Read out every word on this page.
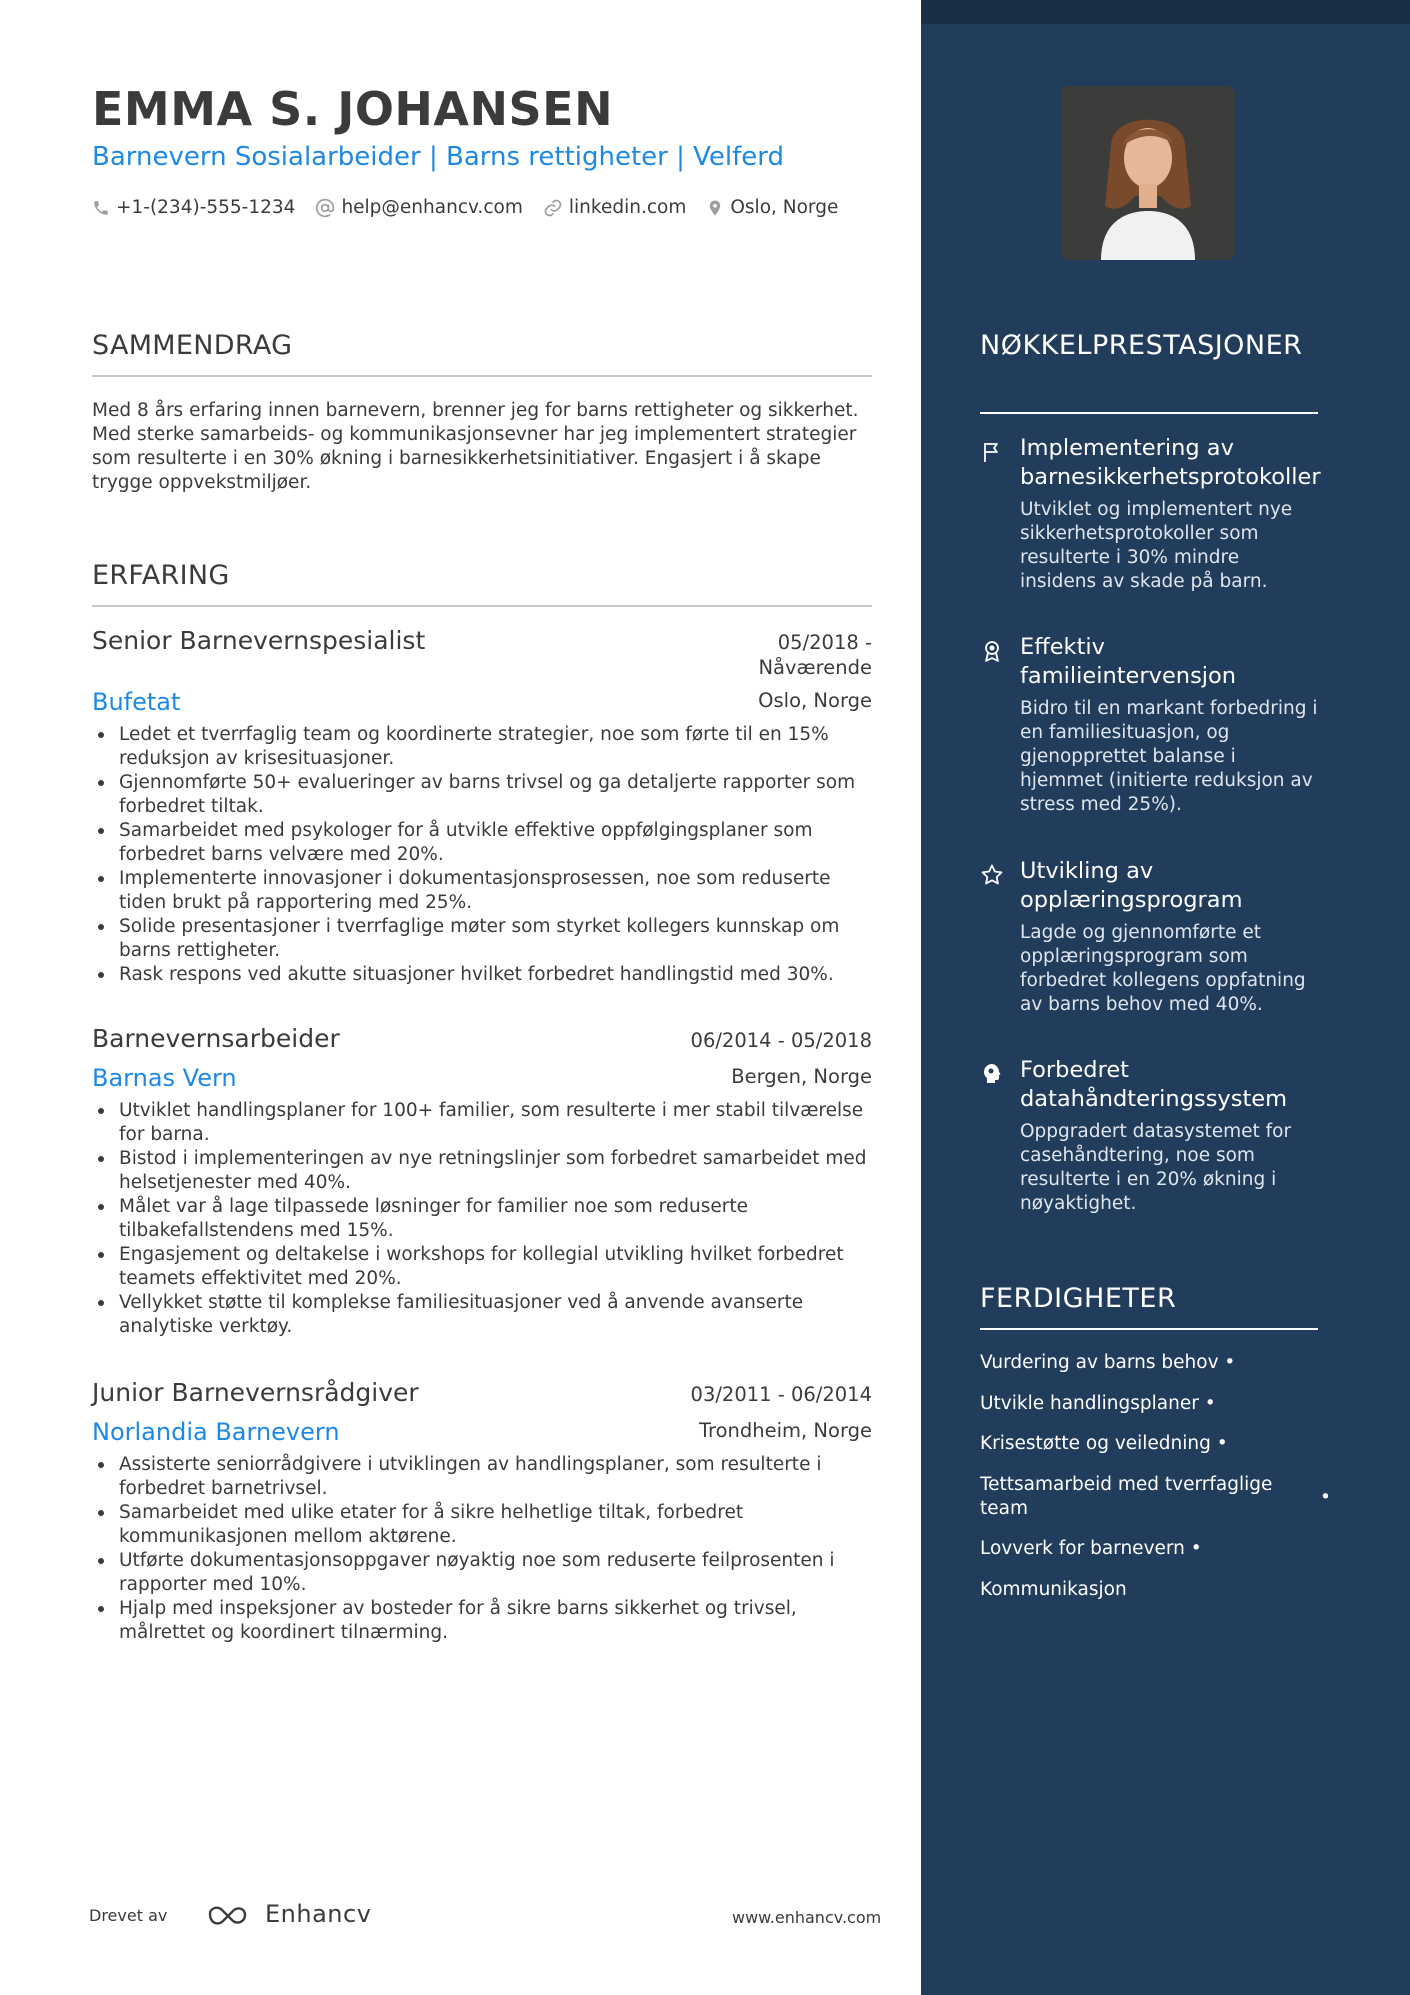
EMMA S. JOHANSEN
Barnevern Sosialarbeider | Barns rettigheter | Velferd
+1-(234)-555-1234 help@enhancv.com linkedin.com Oslo, Norge
SAMMENDRAG
Med 8 års erfaring innen barnevern, brenner jeg for barns rettigheter og sikkerhet. Med sterke samarbeids- og kommunikasjonsevner har jeg implementert strategier som resulterte i en 30% økning i barnesikkerhetsinitiativer. Engasjert i å skape trygge oppvekstmiljøer.
ERFARING
Senior Barnevernspesialist	05/2018 - Nåværende
Bufetat	Oslo, Norge
Ledet et tverrfaglig team og koordinerte strategier, noe som førte til en 15% reduksjon av krisesituasjoner.
Gjennomførte 50+ evalueringer av barns trivsel og ga detaljerte rapporter som forbedret tiltak.
Samarbeidet med psykologer for å utvikle effektive oppfølgingsplaner som forbedret barns velvære med 20%.
Implementerte innovasjoner i dokumentasjonsprosessen, noe som reduserte tiden brukt på rapportering med 25%.
Solide presentasjoner i tverrfaglige møter som styrket kollegers kunnskap om barns rettigheter.
Rask respons ved akutte situasjoner hvilket forbedret handlingstid med 30%.
Barnevernsarbeider	06/2014 - 05/2018
Barnas Vern	Bergen, Norge
Utviklet handlingsplaner for 100+ familier, som resulterte i mer stabil tilværelse for barna.
Bistod i implementeringen av nye retningslinjer som forbedret samarbeidet med helsetjenester med 40%.
Målet var å lage tilpassede løsninger for familier noe som reduserte tilbakefallstendens med 15%.
Engasjement og deltakelse i workshops for kollegial utvikling hvilket forbedret teamets effektivitet med 20%.
Vellykket støtte til komplekse familiesituasjoner ved å anvende avanserte analytiske verktøy.
Junior Barnevernsrådgiver	03/2011 - 06/2014
Norlandia Barnevern	Trondheim, Norge
Assisterte seniorrådgivere i utviklingen av handlingsplaner, som resulterte i forbedret barnetrivsel.
Samarbeidet med ulike etater for å sikre helhetlige tiltak, forbedret kommunikasjonen mellom aktørene.
Utførte dokumentasjonsoppgaver nøyaktig noe som reduserte feilprosenten i rapporter med 10%.
Hjalp med inspeksjoner av bosteder for å sikre barns sikkerhet og trivsel, målrettet og koordinert tilnærming.
NØKKELPRESTASJONER
Implementering av barnesikkerhetsprotokoller
Utviklet og implementert nye sikkerhetsprotokoller som resulterte i 30% mindre insidens av skade på barn.
Effektiv familieintervensjon
Bidro til en markant forbedring i en familiesituasjon, og gjenopprettet balanse i hjemmet (initierte reduksjon av stress med 25%).
Utvikling av opplæringsprogram
Lagde og gjennomførte et opplæringsprogram som forbedret kollegens oppfatning av barns behov med 40%.
Forbedret datahåndteringssystem
Oppgradert datasystemet for casehåndtering, noe som resulterte i en 20% økning i nøyaktighet.
FERDIGHETER
Vurdering av barns behov •
Utvikle handlingsplaner •
Krisestøtte og veiledning •
Tettsamarbeid med tverrfaglige team
•
Lovverk for barnevern •
Kommunikasjon
Drevet av	Enhancv	www.enhancv.com
